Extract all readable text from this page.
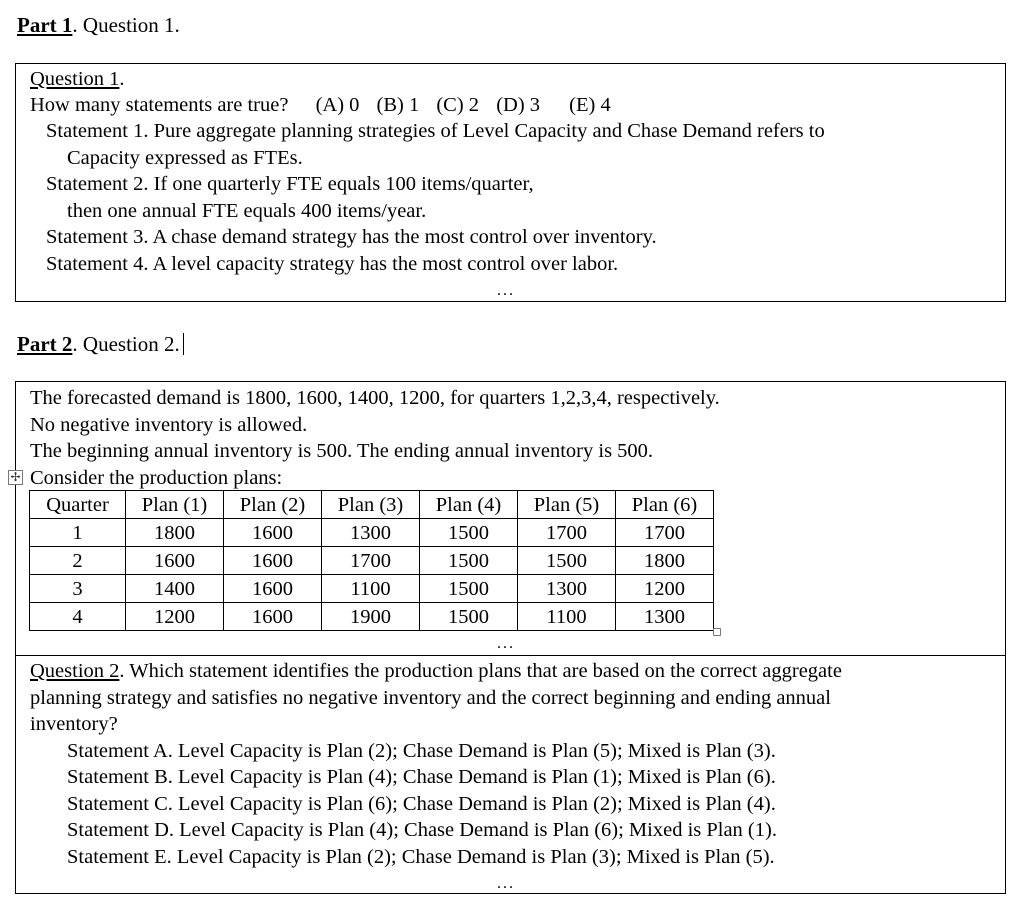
Part 1. Question 1.
Question 1.
How many statements are true? (A) 0 (B) 1 (C) 2 (D) 3 (E) 4
Statement 1. Pure aggregate planning strategies of Level Capacity and Chase Demand refers to
Capacity expressed as FTEs.
Statement 2. If one quarterly FTE equals 100 items/quarter,
then one annual FTE equals 400 items/year.
Statement 3. A chase demand strategy has the most control over inventory.
Statement 4. A level capacity strategy has the most control over labor.
...
Part 2. Question 2.
The forecasted demand is 1800, 1600, 1400, 1200, for quarters 1,2,3,4, respectively.
No negative inventory is allowed.
The beginning annual inventory is 500. The ending annual inventory is 500.
Consider the production plans:
...
✢
Quarter	Plan (1)	Plan (2)	Plan (3)	Plan (4)	Plan (5)	Plan (6)
1	1800	1600	1300	1500	1700	1700
2	1600	1600	1700	1500	1500	1800
3	1400	1600	1100	1500	1300	1200
4	1200	1600	1900	1500	1100	1300
Question 2. Which statement identifies the production plans that are based on the correct aggregate
planning strategy and satisfies no negative inventory and the correct beginning and ending annual
inventory?
Statement A. Level Capacity is Plan (2); Chase Demand is Plan (5); Mixed is Plan (3).
Statement B. Level Capacity is Plan (4); Chase Demand is Plan (1); Mixed is Plan (6).
Statement C. Level Capacity is Plan (6); Chase Demand is Plan (2); Mixed is Plan (4).
Statement D. Level Capacity is Plan (4); Chase Demand is Plan (6); Mixed is Plan (1).
Statement E. Level Capacity is Plan (2); Chase Demand is Plan (3); Mixed is Plan (5).
...
